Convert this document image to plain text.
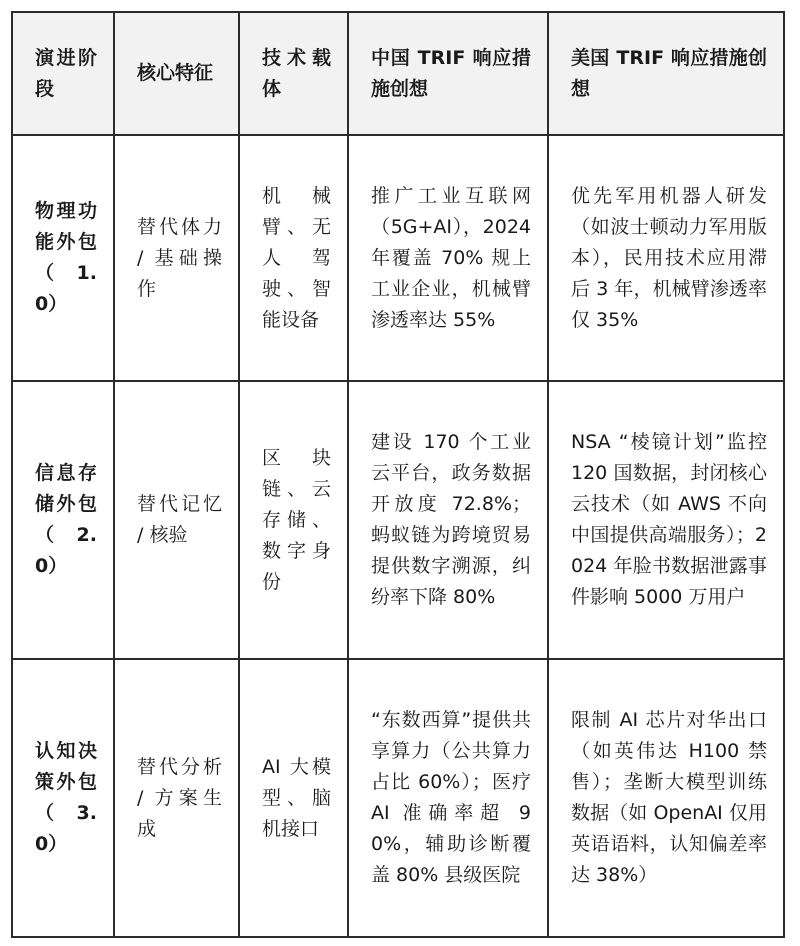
演进阶段	核心特征	技术载体	中国 TRIF 响应措施创想	美国 TRIF 响应措施创想
物理功能外包（1.0）	替代体力 / 基础操作	机械臂、无人驾驶、智能设备	推广工业互联网（5G+AI），2024 年覆盖 70% 规上工业企业，机械臂渗透率达 55%	优先军用机器人研发（如波士顿动力军用版本），民用技术应用滞后 3 年，机械臂渗透率仅 35%
信息存储外包（2.0）	替代记忆 / 核验	区块链、云存储、数字身份	建设 170 个工业云平台，政务数据开放度 72.8%；蚂蚁链为跨境贸易提供数字溯源，纠纷率下降 80%	NSA “棱镜计划”监控 120 国数据，封闭核心云技术（如 AWS 不向中国提供高端服务）；2024 年脸书数据泄露事件影响 5000 万用户
认知决策外包（3.0）	替代分析 / 方案生成	AI 大模型、脑机接口	“东数西算”提供共享算力（公共算力占比 60%）；医疗 AI 准确率超 90%，辅助诊断覆盖 80% 县级医院	限制 AI 芯片对华出口（如英伟达 H100 禁售）；垄断大模型训练数据（如 OpenAI 仅用英语语料，认知偏差率达 38%）
